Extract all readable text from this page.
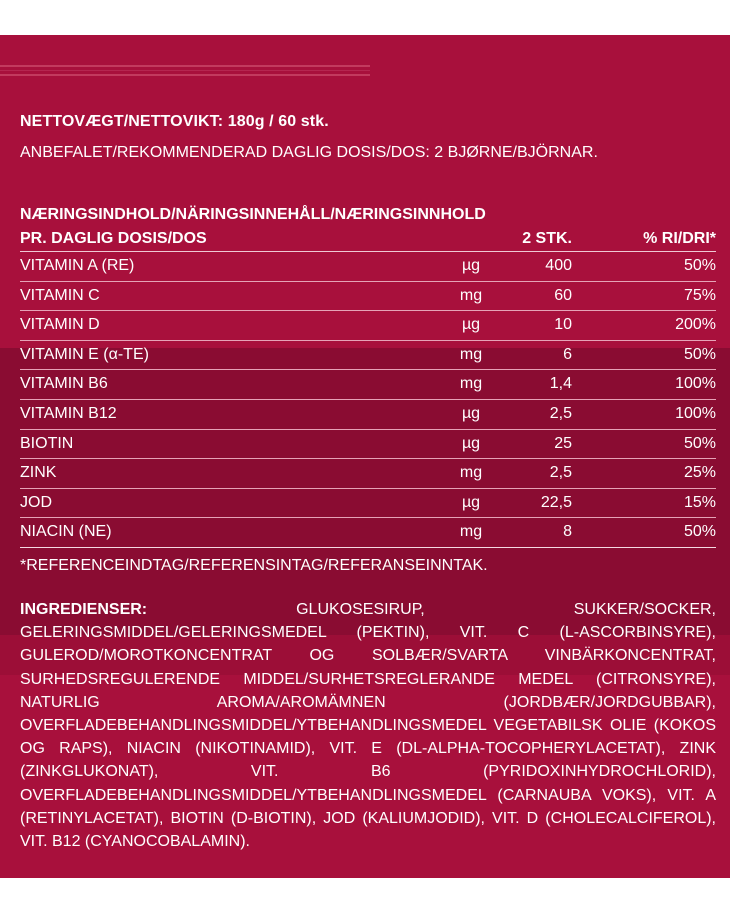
NETTOVÆGT/NETTOVIKT: 180g / 60 stk.
ANBEFALET/REKOMMENDERAD DAGLIG DOSIS/DOS: 2 BJØRNE/BJÖRNAR.
NÆRINGSINDHOLD/NÄRINGSINNEHÅLL/NÆRINGSINNHOLD
PR. DAGLIG DOSIS/DOS	2 STK.	% RI/DRI*
VITAMIN A (RE)	µg	400	50%
VITAMIN C	mg	60	75%
VITAMIN D	µg	10	200%
VITAMIN E (α-TE)	mg	6	50%
VITAMIN B6	mg	1,4	100%
VITAMIN B12	µg	2,5	100%
BIOTIN	µg	25	50%
ZINK	mg	2,5	25%
JOD	µg	22,5	15%
NIACIN (NE)	mg	8	50%
*REFERENCEINDTAG/REFERENSINTAG/REFERANSEINNTAK.
INGREDIENSER:	GLUKOSESIRUP, SUKKER/SOCKER, GELERINGSMIDDEL/GELERINGSMEDEL (PEKTIN), VIT. C (L-ASCORBINSYRE), GULEROD/MOROTKONCENTRAT OG SOLBÆR/SVARTA VINBÄRKONCENTRAT, SURHEDSREGULERENDE MIDDEL/SURHETSREGLERANDE MEDEL (CITRONSYRE), NATURLIG AROMA/AROMÄMNEN (JORDBÆR/JORDGUBBAR), OVERFLADEBEHANDLINGSMIDDEL/YTBEHANDLINGSMEDEL VEGETABILSK OLIE (KOKOS OG RAPS), NIACIN (NIKOTINAMID), VIT. E (DL-ALPHA-TOCOPHERYLACETAT), ZINK (ZINKGLUKONAT), VIT. B6 (PYRIDOXINHYDROCHLORID), OVERFLADEBEHANDLINGSMIDDEL/YTBEHANDLINGSMEDEL (CARNAUBA VOKS), VIT. A (RETINYLACETAT), BIOTIN (D-BIOTIN), JOD (KALIUMJODID), VIT. D (CHOLECALCIFEROL), VIT. B12 (CYANOCOBALAMIN).
